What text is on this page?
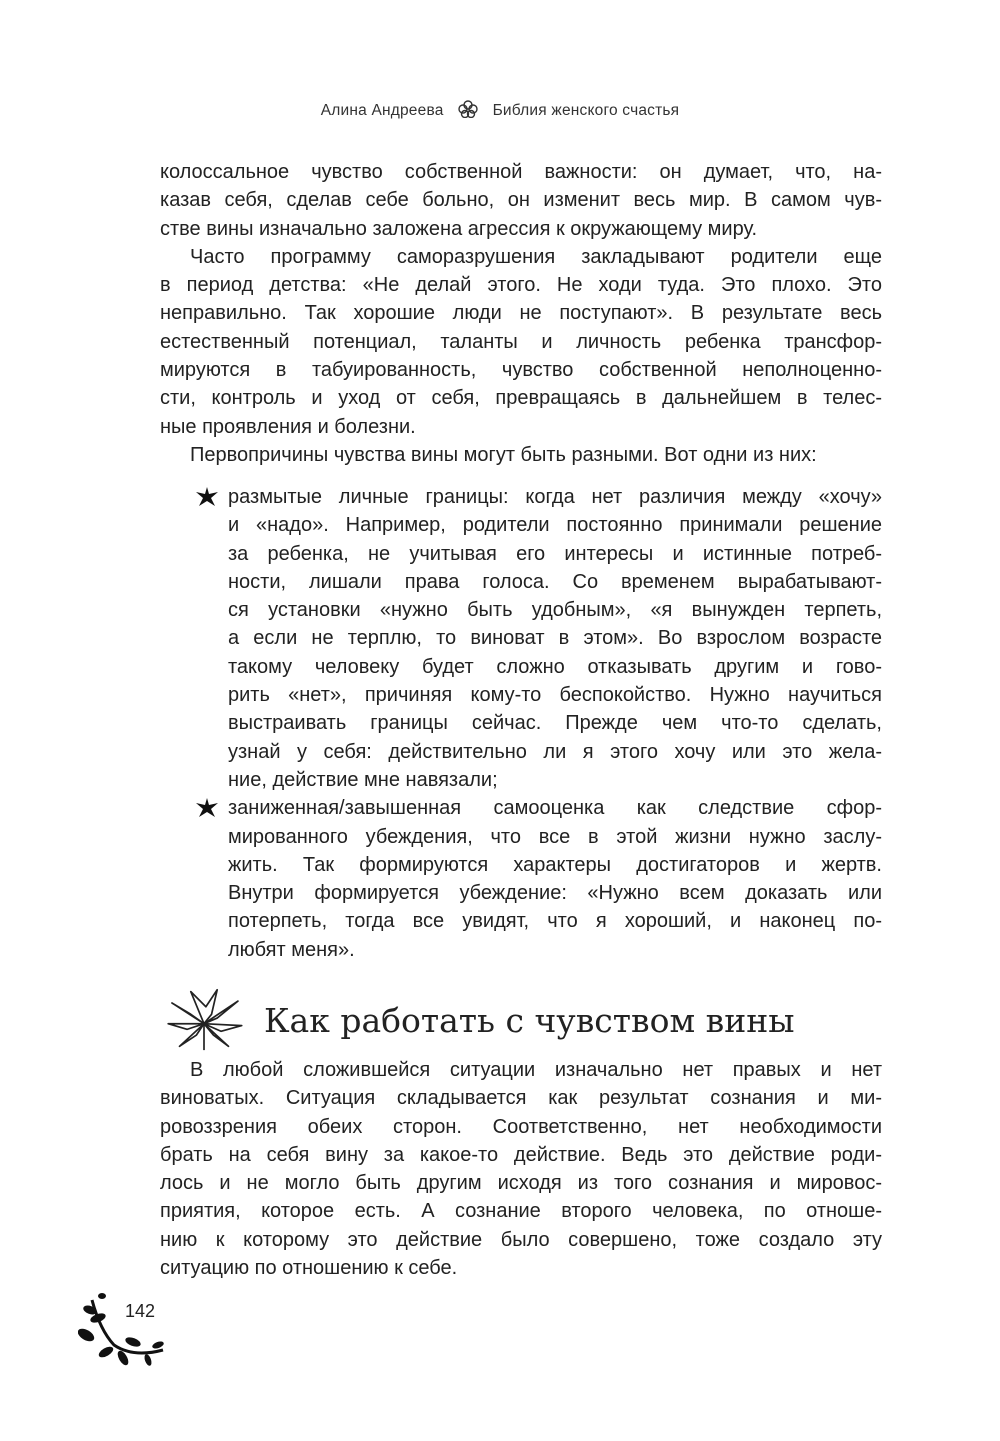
Алина Андреева	Библия женского счастья
колоссальное чувство собственной важности: он думает, что, на-
казав себя, сделав себе больно, он изменит весь мир. В самом чув-
стве вины изначально заложена агрессия к окружающему миру.
Часто программу саморазрушения закладывают родители еще
в период детства: «Не делай этого. Не ходи туда. Это плохо. Это
неправильно. Так хорошие люди не поступают». В результате весь
естественный потенциал, таланты и личность ребенка трансфор-
мируются в табуированность, чувство собственной неполноценно-
сти, контроль и уход от себя, превращаясь в дальнейшем в телес-
ные проявления и болезни.
Первопричины чувства вины могут быть разными. Вот одни из них:
размытые личные границы: когда нет различия между «хочу»
и «надо». Например, родители постоянно принимали решение
за ребенка, не учитывая его интересы и истинные потреб-
ности, лишали права голоса. Со временем вырабатывают-
ся установки «нужно быть удобным», «я вынужден терпеть,
а если не терплю, то виноват в этом». Во взрослом возрасте
такому человеку будет сложно отказывать другим и гово-
рить «нет», причиняя кому-то беспокойство. Нужно научиться
выстраивать границы сейчас. Прежде чем что-то сделать,
узнай у себя: действительно ли я этого хочу или это жела-
ние, действие мне навязали;
заниженная/завышенная самооценка как следствие сфор-
мированного убеждения, что все в этой жизни нужно заслу-
жить. Так формируются характеры достигаторов и жертв.
Внутри формируется убеждение: «Нужно всем доказать или
потерпеть, тогда все увидят, что я хороший, и наконец по-
любят меня».
Как работать с чувством вины
В любой сложившейся ситуации изначально нет правых и нет
виноватых. Ситуация складывается как результат сознания и ми-
ровоззрения обеих сторон. Соответственно, нет необходимости
брать на себя вину за какое-то действие. Ведь это действие роди-
лось и не могло быть другим исходя из того сознания и мировос-
приятия, которое есть. А сознание второго человека, по отноше-
нию к которому это действие было совершено, тоже создало эту
ситуацию по отношению к себе.
142
